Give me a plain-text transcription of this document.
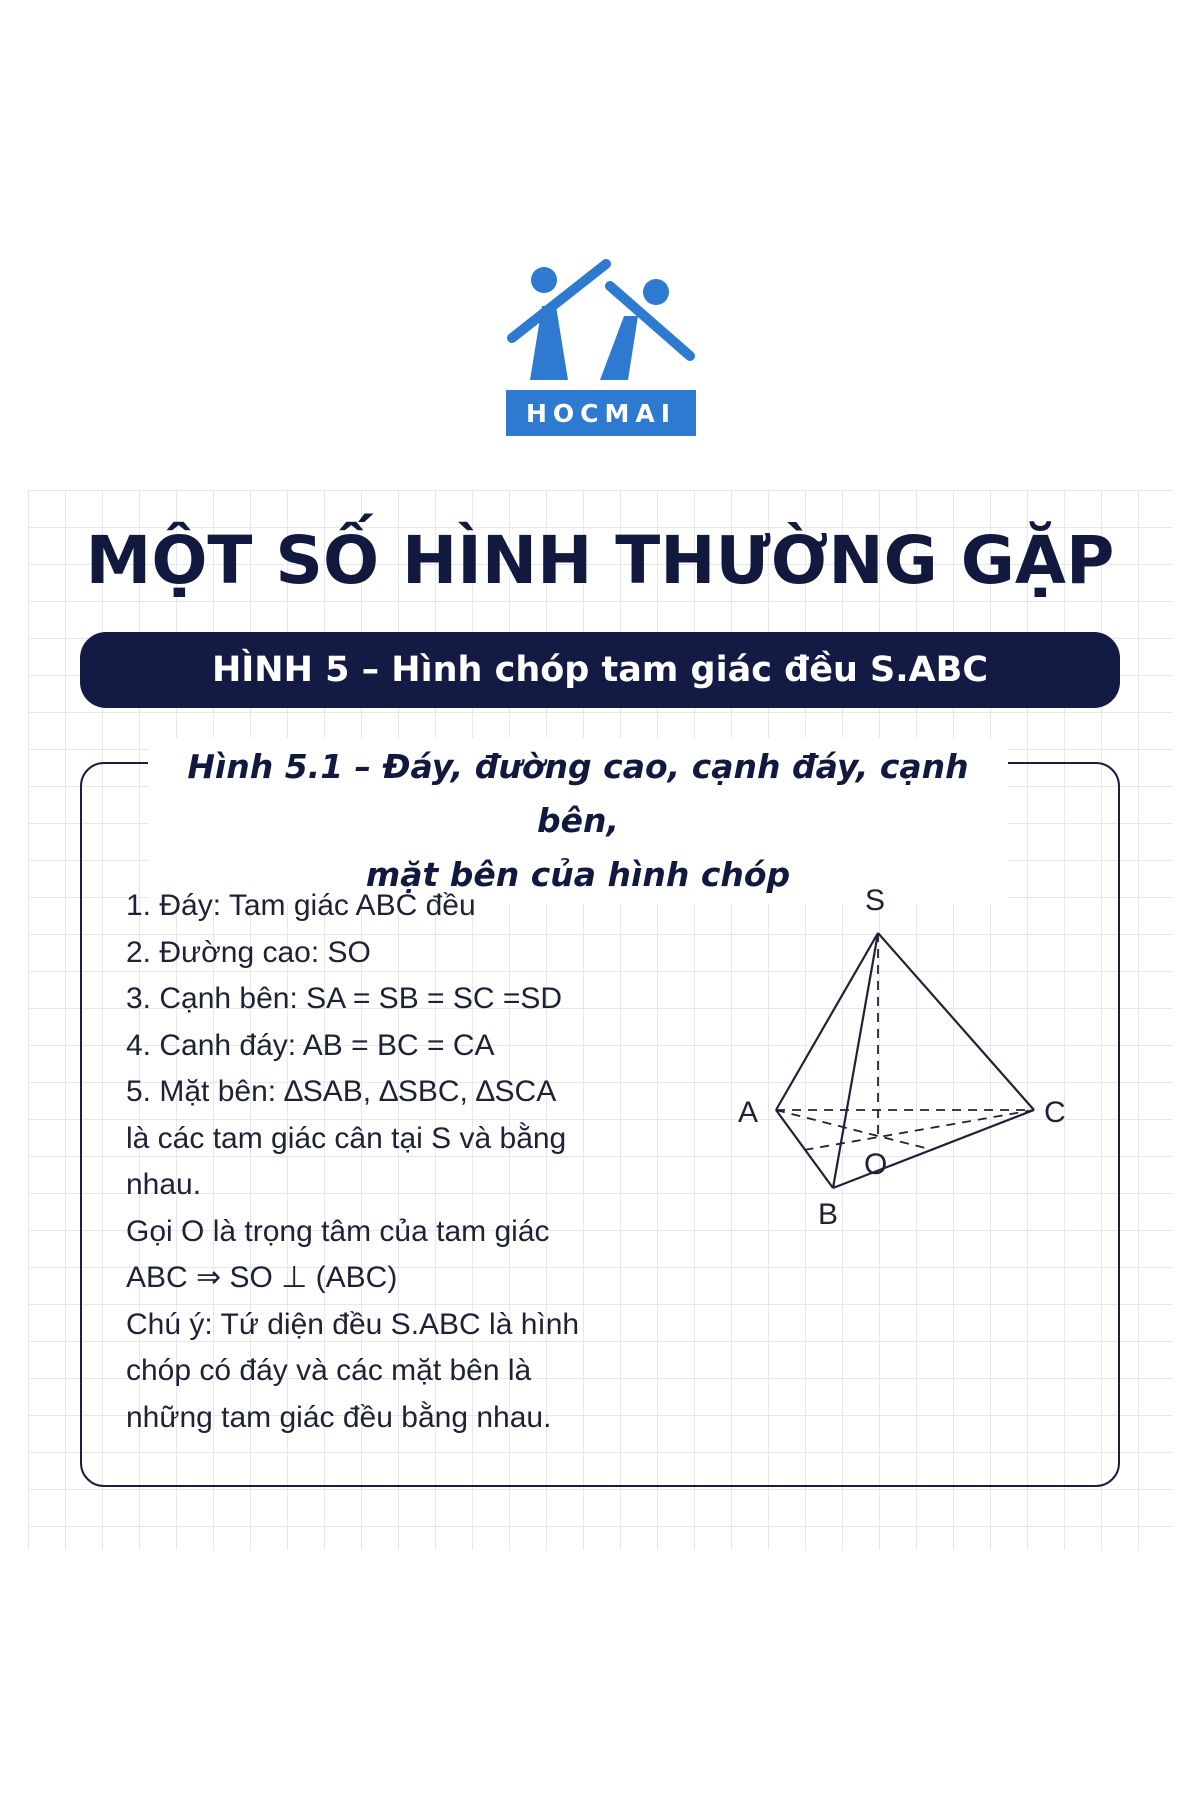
HOCMAI
MỘT SỐ HÌNH THƯỜNG GẶP
HÌNH 5 – Hình chóp tam giác đều S.ABC
Hình 5.1 – Đáy, đường cao, cạnh đáy, cạnh bên,
mặt bên của hình chóp
1. Đáy: Tam giác ABC đều
2. Đường cao: SO
3. Cạnh bên: SA = SB = SC =SD
4. Canh đáy: AB = BC = CA
5. Mặt bên: ∆SAB, ∆SBC, ∆SCA
là các tam giác cân tại S và bằng
nhau.
Gọi O là trọng tâm của tam giác
ABC ⇒ SO ⊥ (ABC)
Chú ý: Tứ diện đều S.ABC là hình
chóp có đáy và các mặt bên là
những tam giác đều bằng nhau.
S
A	C
O
B
